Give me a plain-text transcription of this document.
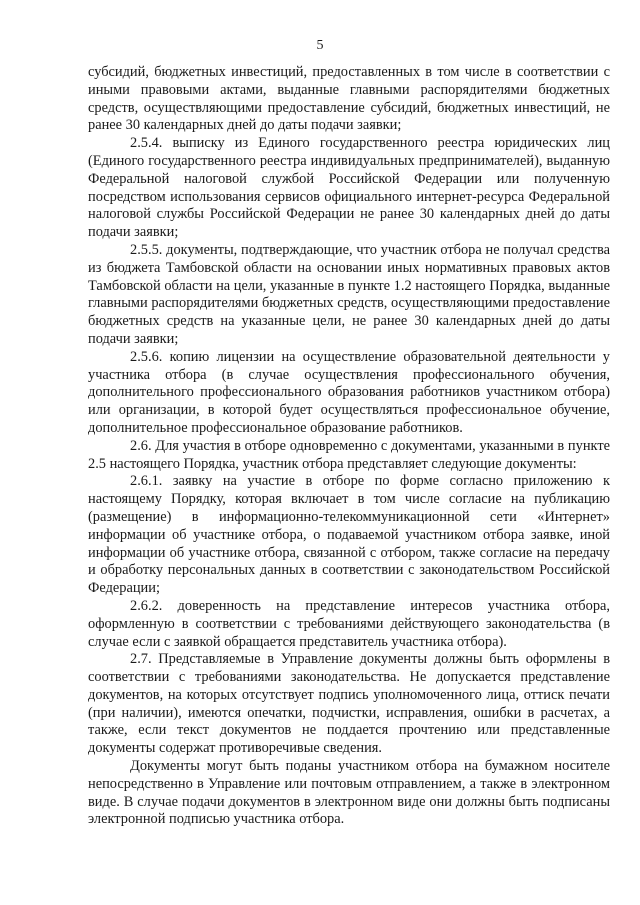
5

субсидий, бюджетных инвестиций, предоставленных в том числе в соответствии с иными правовыми актами, выданные главными распорядителями бюджетных средств, осуществляющими предоставление субсидий, бюджетных инвестиций, не ранее 30 календарных дней до даты подачи заявки;

2.5.4. выписку из Единого государственного реестра юридических лиц (Единого государственного реестра индивидуальных предпринимателей), выданную Федеральной налоговой службой Российской Федерации или полученную посредством использования сервисов официального интернет-ресурса Федеральной налоговой службы Российской Федерации не ранее 30 календарных дней до даты подачи заявки;

2.5.5. документы, подтверждающие, что участник отбора не получал средства из бюджета Тамбовской области на основании иных нормативных правовых актов Тамбовской области на цели, указанные в пункте 1.2 настоящего Порядка, выданные главными распорядителями бюджетных средств, осуществляющими предоставление бюджетных средств на указанные цели, не ранее 30 календарных дней до даты подачи заявки;

2.5.6. копию лицензии на осуществление образовательной деятельности у участника отбора (в случае осуществления профессионального обучения, дополнительного профессионального образования работников участником отбора) или организации, в которой будет осуществляться профессиональное обучение, дополнительное профессиональное образование работников.

2.6. Для участия в отборе одновременно с документами, указанными в пункте 2.5 настоящего Порядка, участник отбора представляет следующие документы:

2.6.1. заявку на участие в отборе по форме согласно приложению к настоящему Порядку, которая включает в том числе согласие на публикацию (размещение) в информационно-телекоммуникационной сети «Интернет» информации об участнике отбора, о подаваемой участником отбора заявке, иной информации об участнике отбора, связанной с отбором, также согласие на передачу и обработку персональных данных в соответствии с законодательством Российской Федерации;

2.6.2. доверенность на представление интересов участника отбора, оформленную в соответствии с требованиями действующего законодательства (в случае если с заявкой обращается представитель участника отбора).

2.7. Представляемые в Управление документы должны быть оформлены в соответствии с требованиями законодательства. Не допускается представление документов, на которых отсутствует подпись уполномоченного лица, оттиск печати (при наличии), имеются опечатки, подчистки, исправления, ошибки в расчетах, а также, если текст документов не поддается прочтению или представленные документы содержат противоречивые сведения.

Документы могут быть поданы участником отбора на бумажном носителе непосредственно в Управление или почтовым отправлением, а также в электронном виде. В случае подачи документов в электронном виде они должны быть подписаны электронной подписью участника отбора.
